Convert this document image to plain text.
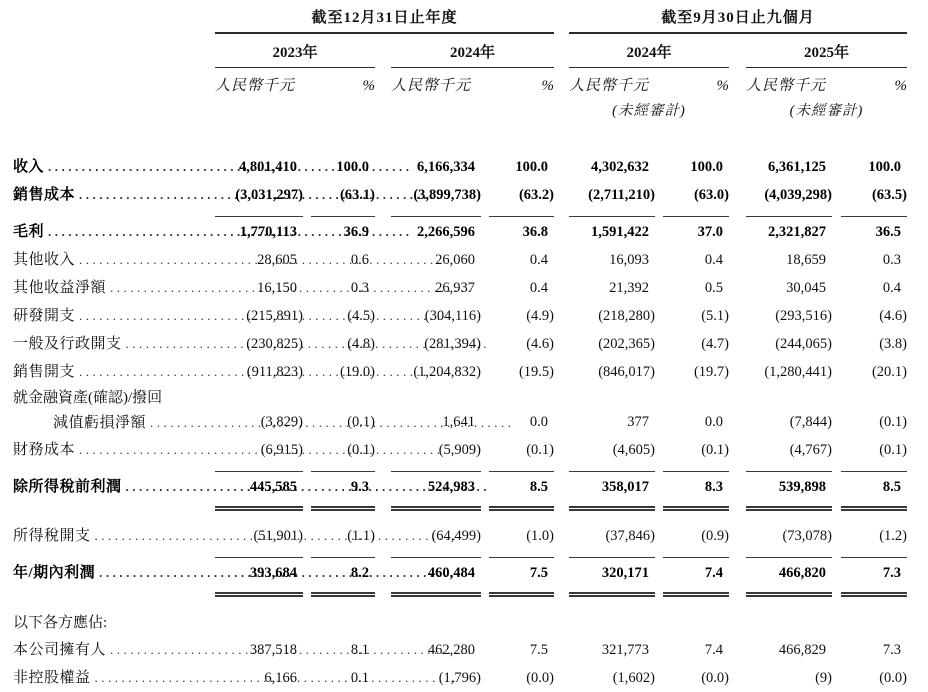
截至12月31日止年度	截至9月30日止九個月
2023年	2024年	2024年	2025年
人民幣千元	% 人民幣千元	% 人民幣千元	% 人民幣千元	%
(未經審計)	(未經審計)
收入 .....	4,801,410	100.0	6,166,334	100.0	4,302,632	100.0	6,361,125	100.0
銷售成本 .....	(3,031,297)	(63.1)	(3,899,738)	(63.2)	(2,711,210)	(63.0)	(4,039,298)	(63.5)
毛利 .....	1,770,113	36.9	2,266,596	36.8	1,591,422	37.0	2,321,827	36.5
其他收入 .....	28,605	0.6	26,060	0.4	16,093	0.4	18,659	0.3
其他收益淨額 .....	16,150	0.3	26,937	0.4	21,392	0.5	30,045	0.4
研發開支 .....	(215,891)	(4.5)	(304,116)	(4.9)	(218,280)	(5.1)	(293,516)	(4.6)
一般及行政開支 .....	(230,825)	(4.8)	(281,394)	(4.6)	(202,365)	(4.7)	(244,065)	(3.8)
銷售開支 .....	(911,823)	(19.0)	(1,204,832)	(19.5)	(846,017)	(19.7)	(1,280,441)	(20.1)
就金融資產(確認)/撥回
減值虧損淨額 .....	(3,829)	(0.1)	1,641	0.0	377	0.0	(7,844)	(0.1)
財務成本 .....	(6,915)	(0.1)	(5,909)	(0.1)	(4,605)	(0.1)	(4,767)	(0.1)
除所得稅前利潤 .....	445,585	9.3	524,983	8.5	358,017	8.3	539,898	8.5
所得稅開支 .....	(51,901)	(1.1)	(64,499)	(1.0)	(37,846)	(0.9)	(73,078)	(1.2)
年/期內利潤 .....	393,684	8.2	460,484	7.5	320,171	7.4	466,820	7.3
以下各方應佔:
本公司擁有人 .....	387,518	8.1	462,280	7.5	321,773	7.4	466,829	7.3
非控股權益 .....	6,166	0.1	(1,796)	(0.0)	(1,602)	(0.0)	(9)	(0.0)
